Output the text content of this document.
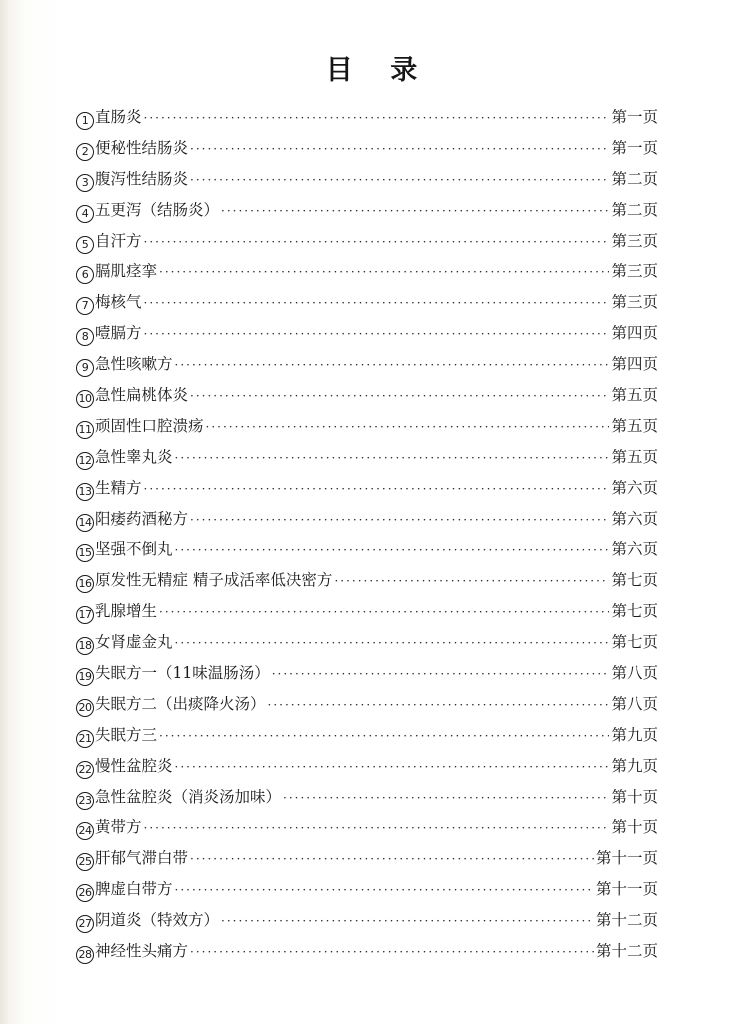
目 录
1 直肠炎 ·····	第一页
2 便秘性结肠炎 ·····	第一页
3 腹泻性结肠炎 ·····	第二页
4 五更泻（结肠炎） ·····	第二页
5 自汗方 ·····	第三页
6 膈肌痉挛 ·····	第三页
7 梅核气 ·····	第三页
8 噎膈方 ·····	第四页
9 急性咳嗽方 ·····	第四页
10 急性扁桃体炎 ·····	第五页
11 顽固性口腔溃疡 ·····	第五页
12 急性睾丸炎 ·····	第五页
13 生精方 ·····	第六页
14 阳痿药酒秘方 ·····	第六页
15 坚强不倒丸 ·····	第六页
16 原发性无精症 精子成活率低决密方 ·····	第七页
17 乳腺增生 ·····	第七页
18 女肾虚金丸 ·····	第七页
19 失眠方一（11味温肠汤） ·····	第八页
20 失眠方二（出痰降火汤） ·····	第八页
21 失眠方三 ·····	第九页
22 慢性盆腔炎 ·····	第九页
23 急性盆腔炎（消炎汤加味） ·····	第十页
24 黄带方 ·····	第十页
25 肝郁气滞白带 ·····	第十一页
26 脾虚白带方 ·····	第十一页
27 阴道炎（特效方） ·····	第十二页
28 神经性头痛方 ·····	第十二页
